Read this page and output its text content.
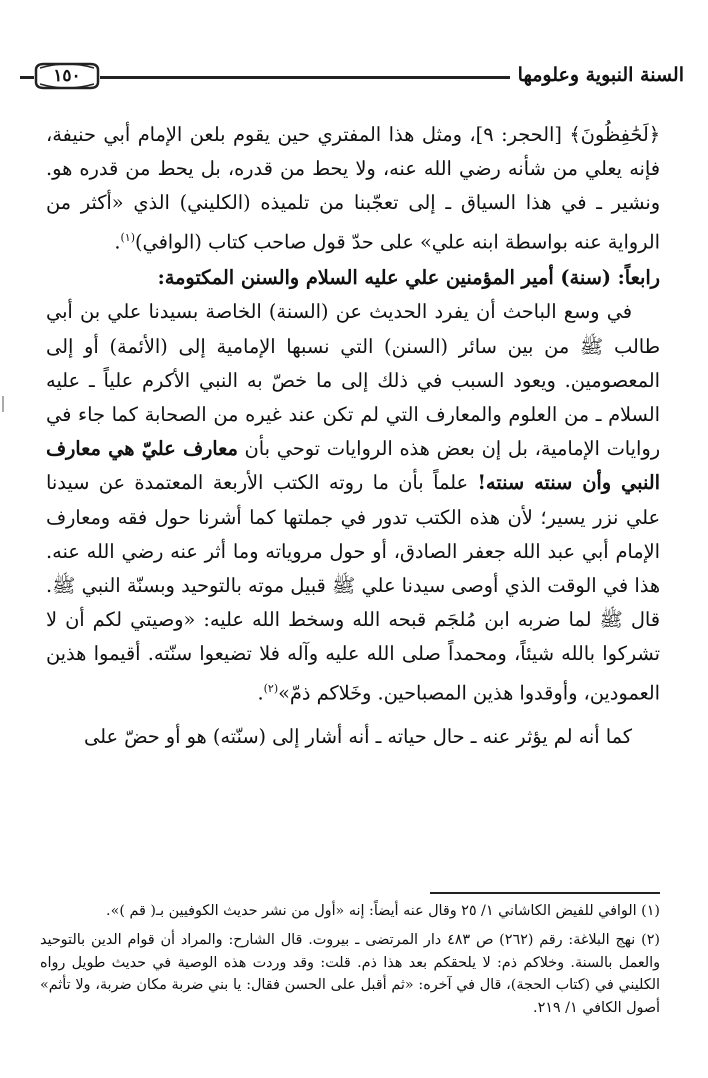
السنة النبوية وعلومها
١٥٠

﴿لَحَٰفِظُونَ﴾ [الحجر: ٩]، ومثل هذا المفتري حين يقوم بلعن الإمام أبي حنيفة، فإنه يعلي من شأنه رضي الله عنه، ولا يحط من قدره، بل يحط من قدره هو. ونشير ـ في هذا السياق ـ إلى تعجّبنا من تلميذه (الكليني) الذي «أكثر من الرواية عنه بواسطة ابنه علي» على حدّ قول صاحب كتاب (الوافي)$^{(١)}$.

رابعاً: (سنة) أمير المؤمنين علي عليه السلام والسنن المكتومة:

في وسع الباحث أن يفرد الحديث عن (السنة) الخاصة بسيدنا علي بن أبي طالب ﷺ من بين سائر (السنن) التي نسبها الإمامية إلى (الأئمة) أو إلى المعصومين. ويعود السبب في ذلك إلى ما خصّ به النبي الأكرم علياً ـ عليه السلام ـ من العلوم والمعارف التي لم تكن عند غيره من الصحابة كما جاء في روايات الإمامية، بل إن بعض هذه الروايات توحي بأن معارف عليّ هي معارف النبي وأن سنته سنته! علماً بأن ما روته الكتب الأربعة المعتمدة عن سيدنا علي نزر يسير؛ لأن هذه الكتب تدور في جملتها كما أشرنا حول فقه ومعارف الإمام أبي عبد الله جعفر الصادق، أو حول مروياته وما أثر عنه رضي الله عنه. هذا في الوقت الذي أوصى سيدنا علي ﷺ قبيل موته بالتوحيد وبسنّة النبي ﷺ. قال ﷺ لما ضربه ابن مُلجَم قبحه الله وسخط الله عليه: «وصيتي لكم أن لا تشركوا بالله شيئاً، ومحمداً صلى الله عليه وآله فلا تضيعوا سنّته. أقيموا هذين العمودين، وأوقدوا هذين المصباحين. وخَلاكم ذمّ»$^{(٢)}$.

كما أنه لم يؤثر عنه ـ حال حياته ـ أنه أشار إلى (سنّته) هو أو حضّ على

(١) الوافي للفيض الكاشاني ١/ ٢٥ وقال عنه أيضاً: إنه «أول من نشر حديث الكوفيين بـ( قم )».

(٢) نهج البلاغة: رقم (٢٦٢) ص ٤٨٣ دار المرتضى ـ بيروت. قال الشارح: والمراد أن قوام الدين بالتوحيد والعمل بالسنة. وخلاكم ذم: لا يلحقكم بعد هذا ذم. قلت: وقد وردت هذه الوصية في حديث طويل رواه الكليني في (كتاب الحجة)، قال في آخره: «ثم أقبل على الحسن فقال: يا بني ضربة مكان ضربة، ولا تأثم» أصول الكافي ١/ ٢١٩.
